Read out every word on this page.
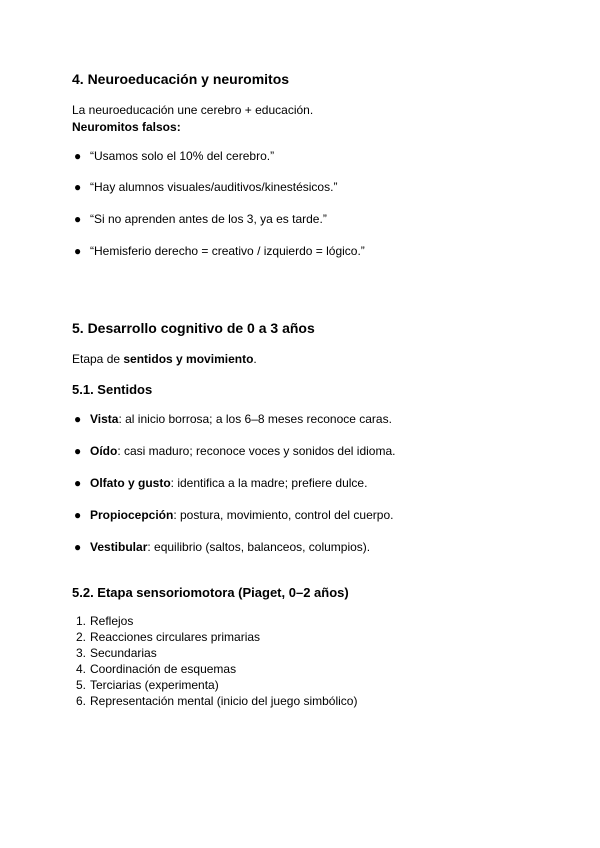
4. Neuroeducación y neuromitos
La neuroeducación une cerebro + educación.
Neuromitos falsos:
● “Usamos solo el 10% del cerebro.”
● “Hay alumnos visuales/auditivos/kinestésicos.”
● “Si no aprenden antes de los 3, ya es tarde.”
● “Hemisferio derecho = creativo / izquierdo = lógico.”
5. Desarrollo cognitivo de 0 a 3 años
Etapa de sentidos y movimiento.
5.1. Sentidos
● Vista: al inicio borrosa; a los 6–8 meses reconoce caras.
● Oído: casi maduro; reconoce voces y sonidos del idioma.
● Olfato y gusto: identifica a la madre; prefiere dulce.
● Propiocepción: postura, movimiento, control del cuerpo.
● Vestibular: equilibrio (saltos, balanceos, columpios).
5.2. Etapa sensoriomotora (Piaget, 0–2 años)
1. Reflejos
2. Reacciones circulares primarias
3. Secundarias
4. Coordinación de esquemas
5. Terciarias (experimenta)
6. Representación mental (inicio del juego simbólico)
